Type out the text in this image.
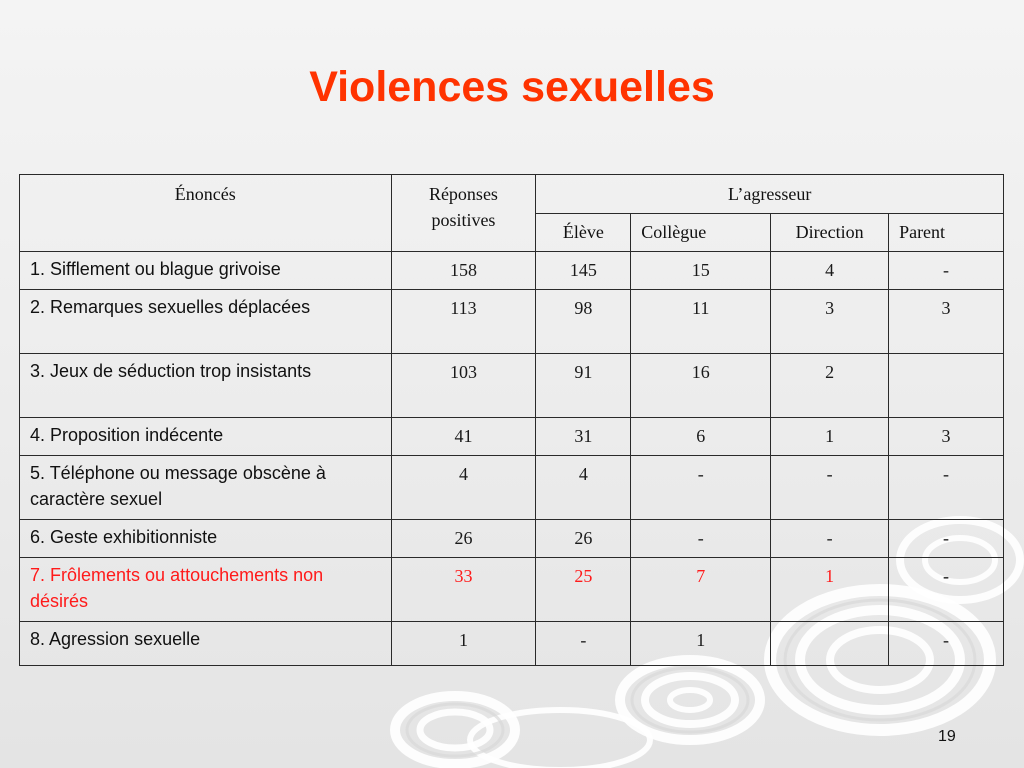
Violences sexuelles
Énoncés	Réponses positives	L’agresseur			
		Élève	Collègue	Direction	Parent
1. Sifflement ou blague grivoise	158	145	15	4	-
2. Remarques sexuelles déplacées	113	98	11	3	3
3. Jeux de séduction trop insistants	103	91	16	2	
4. Proposition indécente	41	31	6	1	3
5. Téléphone ou message obscène à caractère sexuel	4	4	-	-	-
6. Geste exhibitionniste	26	26	-	-	-
7. Frôlements ou attouchements non désirés	33	25	7	1	-
8. Agression sexuelle	1	-	1		-
19
